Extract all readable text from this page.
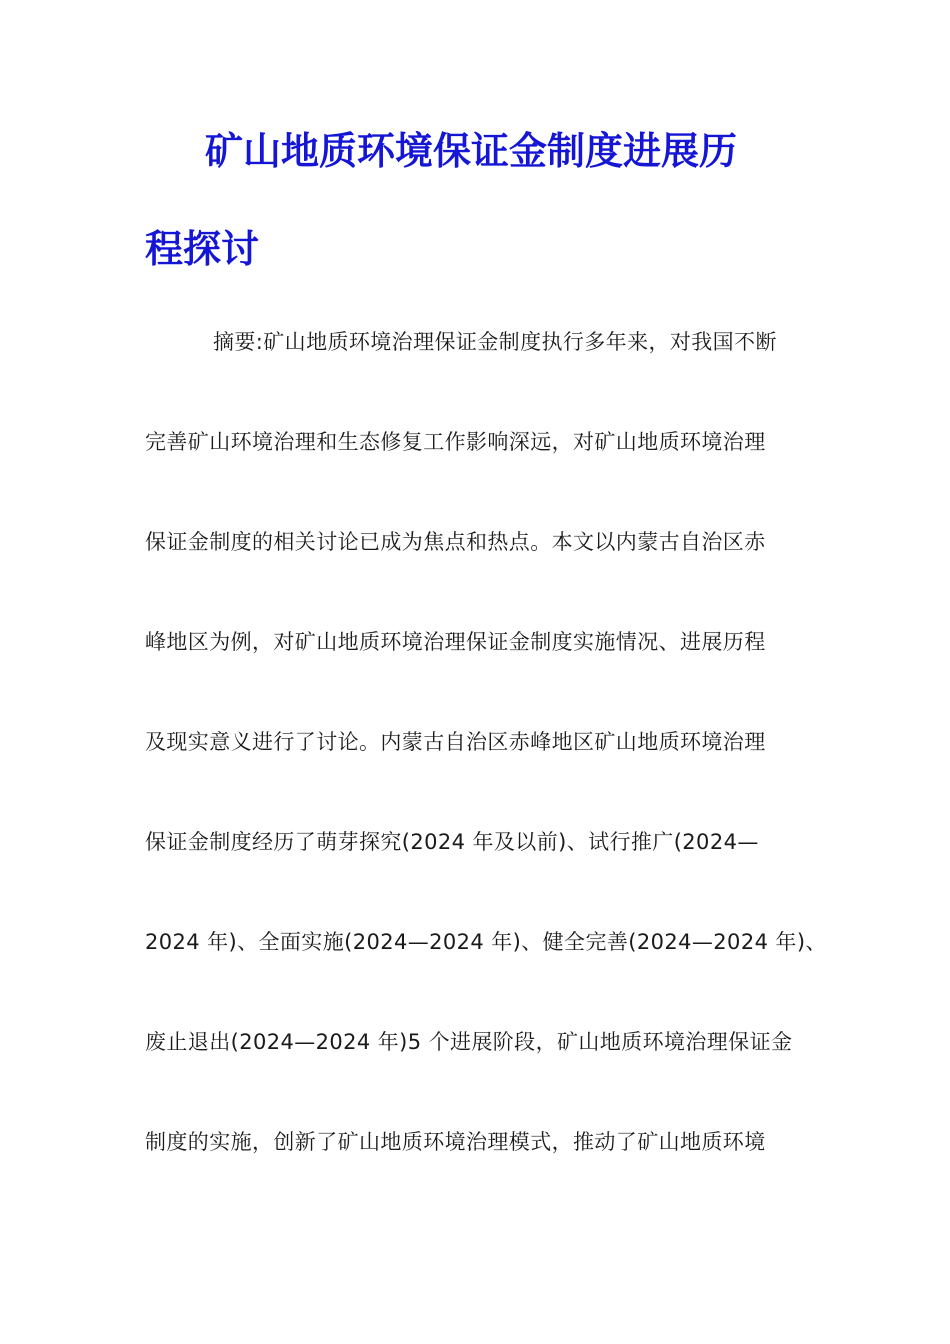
矿山地质环境保证金制度进展历
程探讨
摘要:矿山地质环境治理保证金制度执行多年来，对我国不断
完善矿山环境治理和生态修复工作影响深远，对矿山地质环境治理
保证金制度的相关讨论已成为焦点和热点。本文以内蒙古自治区赤
峰地区为例，对矿山地质环境治理保证金制度实施情况、进展历程
及现实意义进行了讨论。内蒙古自治区赤峰地区矿山地质环境治理
保证金制度经历了萌芽探究(2024 年及以前)、试行推广(2024—
2024 年)、全面实施(2024—2024 年)、健全完善(2024—2024 年)、
废止退出(2024—2024 年)5 个进展阶段，矿山地质环境治理保证金
制度的实施，创新了矿山地质环境治理模式，推动了矿山地质环境
